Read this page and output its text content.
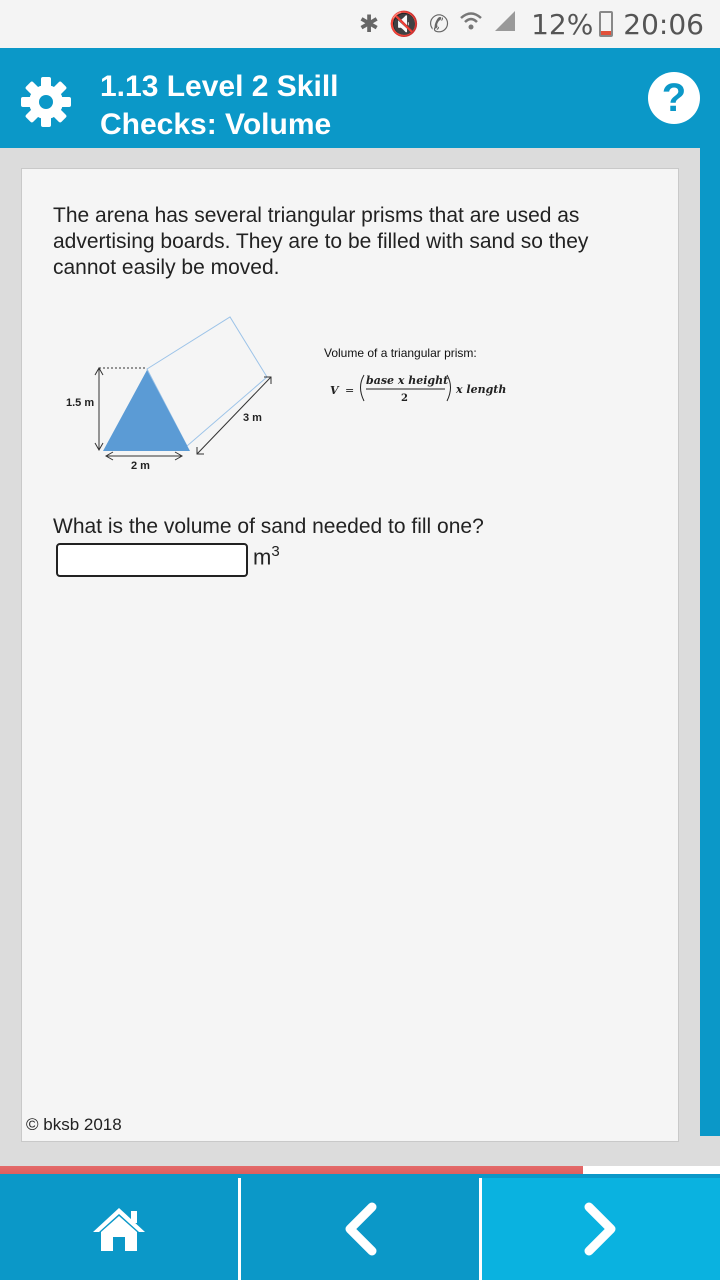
✱ 🔇 ✆	12% 20:06
1.13 Level 2 Skill
Checks: Volume
?
The arena has several triangular prisms that are used as advertising boards. They are to be filled with sand so they cannot easily be moved.
1.5 m
2 m
3 m
Volume of a triangular prism:
V =
base x height
2
x length
What is the volume of sand needed to fill one?
$m^3$
© bksb 2018
